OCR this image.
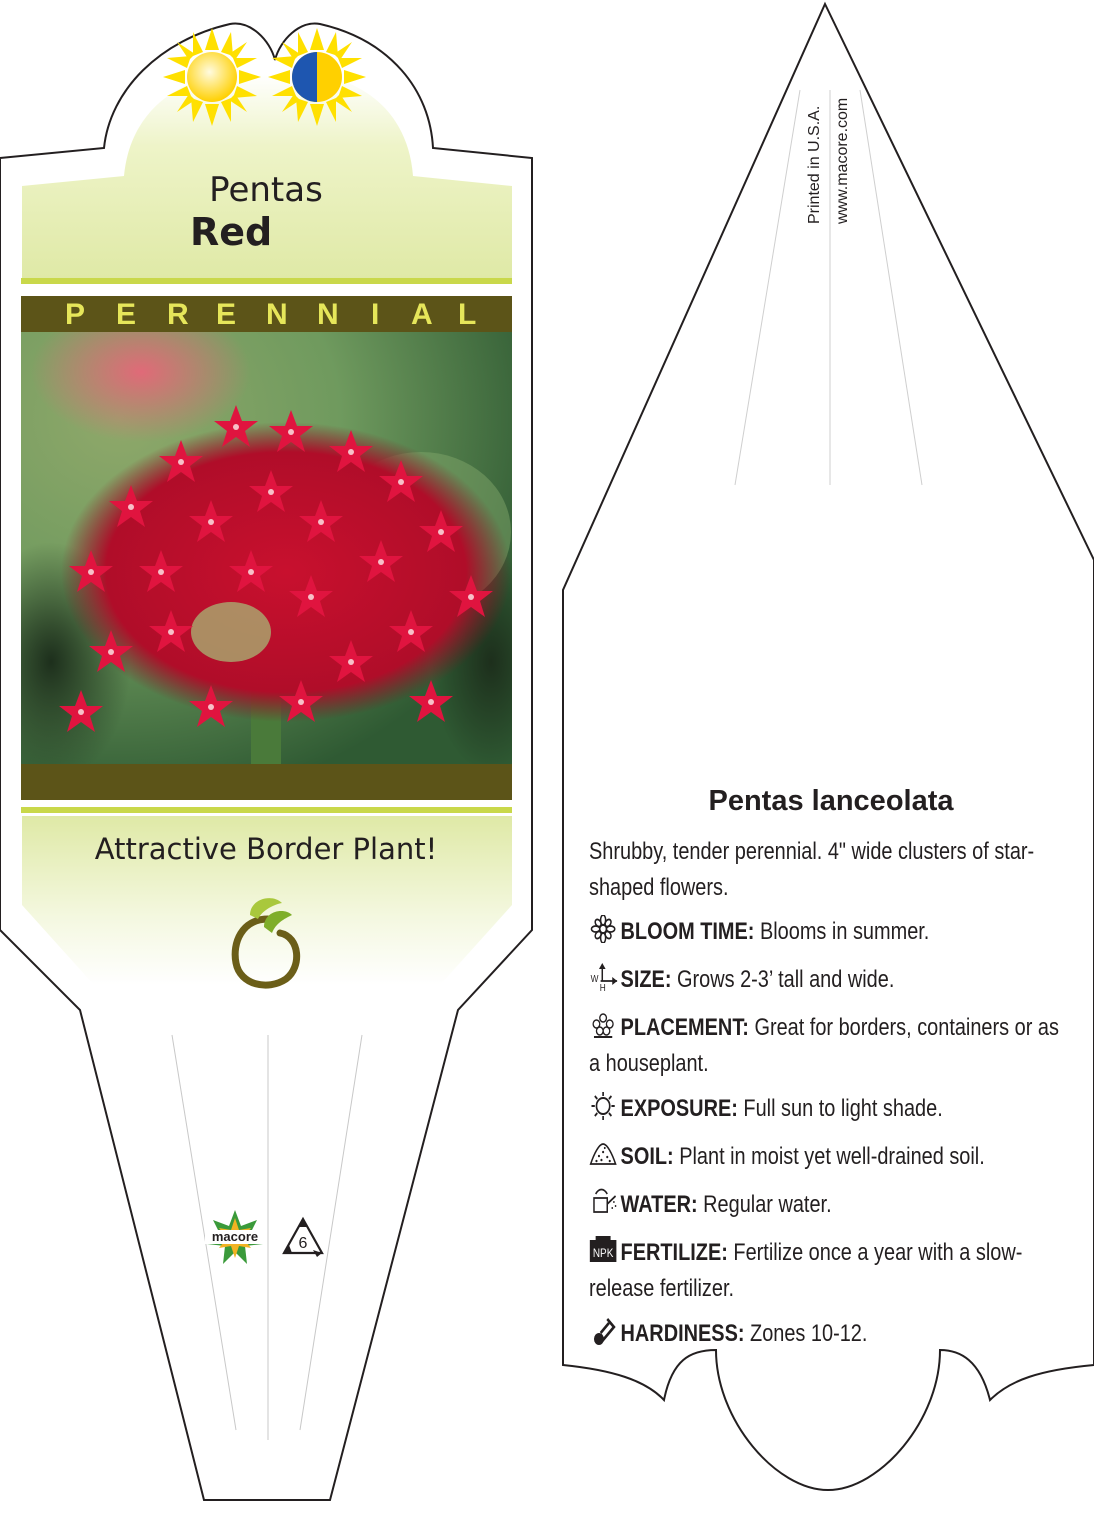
Pentas
Red
P E R E N N I A L
Attractive Border Plant!
macore	6
Printed in U.S.A. www.macore.com
Pentas lanceolata
Shrubby, tender perennial. 4" wide clusters of star-shaped flowers.
BLOOM TIME: Blooms in summer.
W
H SIZE: Grows 2-3’ tall and wide.
PLACEMENT: Great for borders, containers or as a houseplant.
EXPOSURE: Full sun to light shade.
SOIL: Plant in moist yet well-drained soil.
WATER: Regular water.
NPK FERTILIZE: Fertilize once a year with a slow-release fertilizer.
HARDINESS: Zones 10-12.
